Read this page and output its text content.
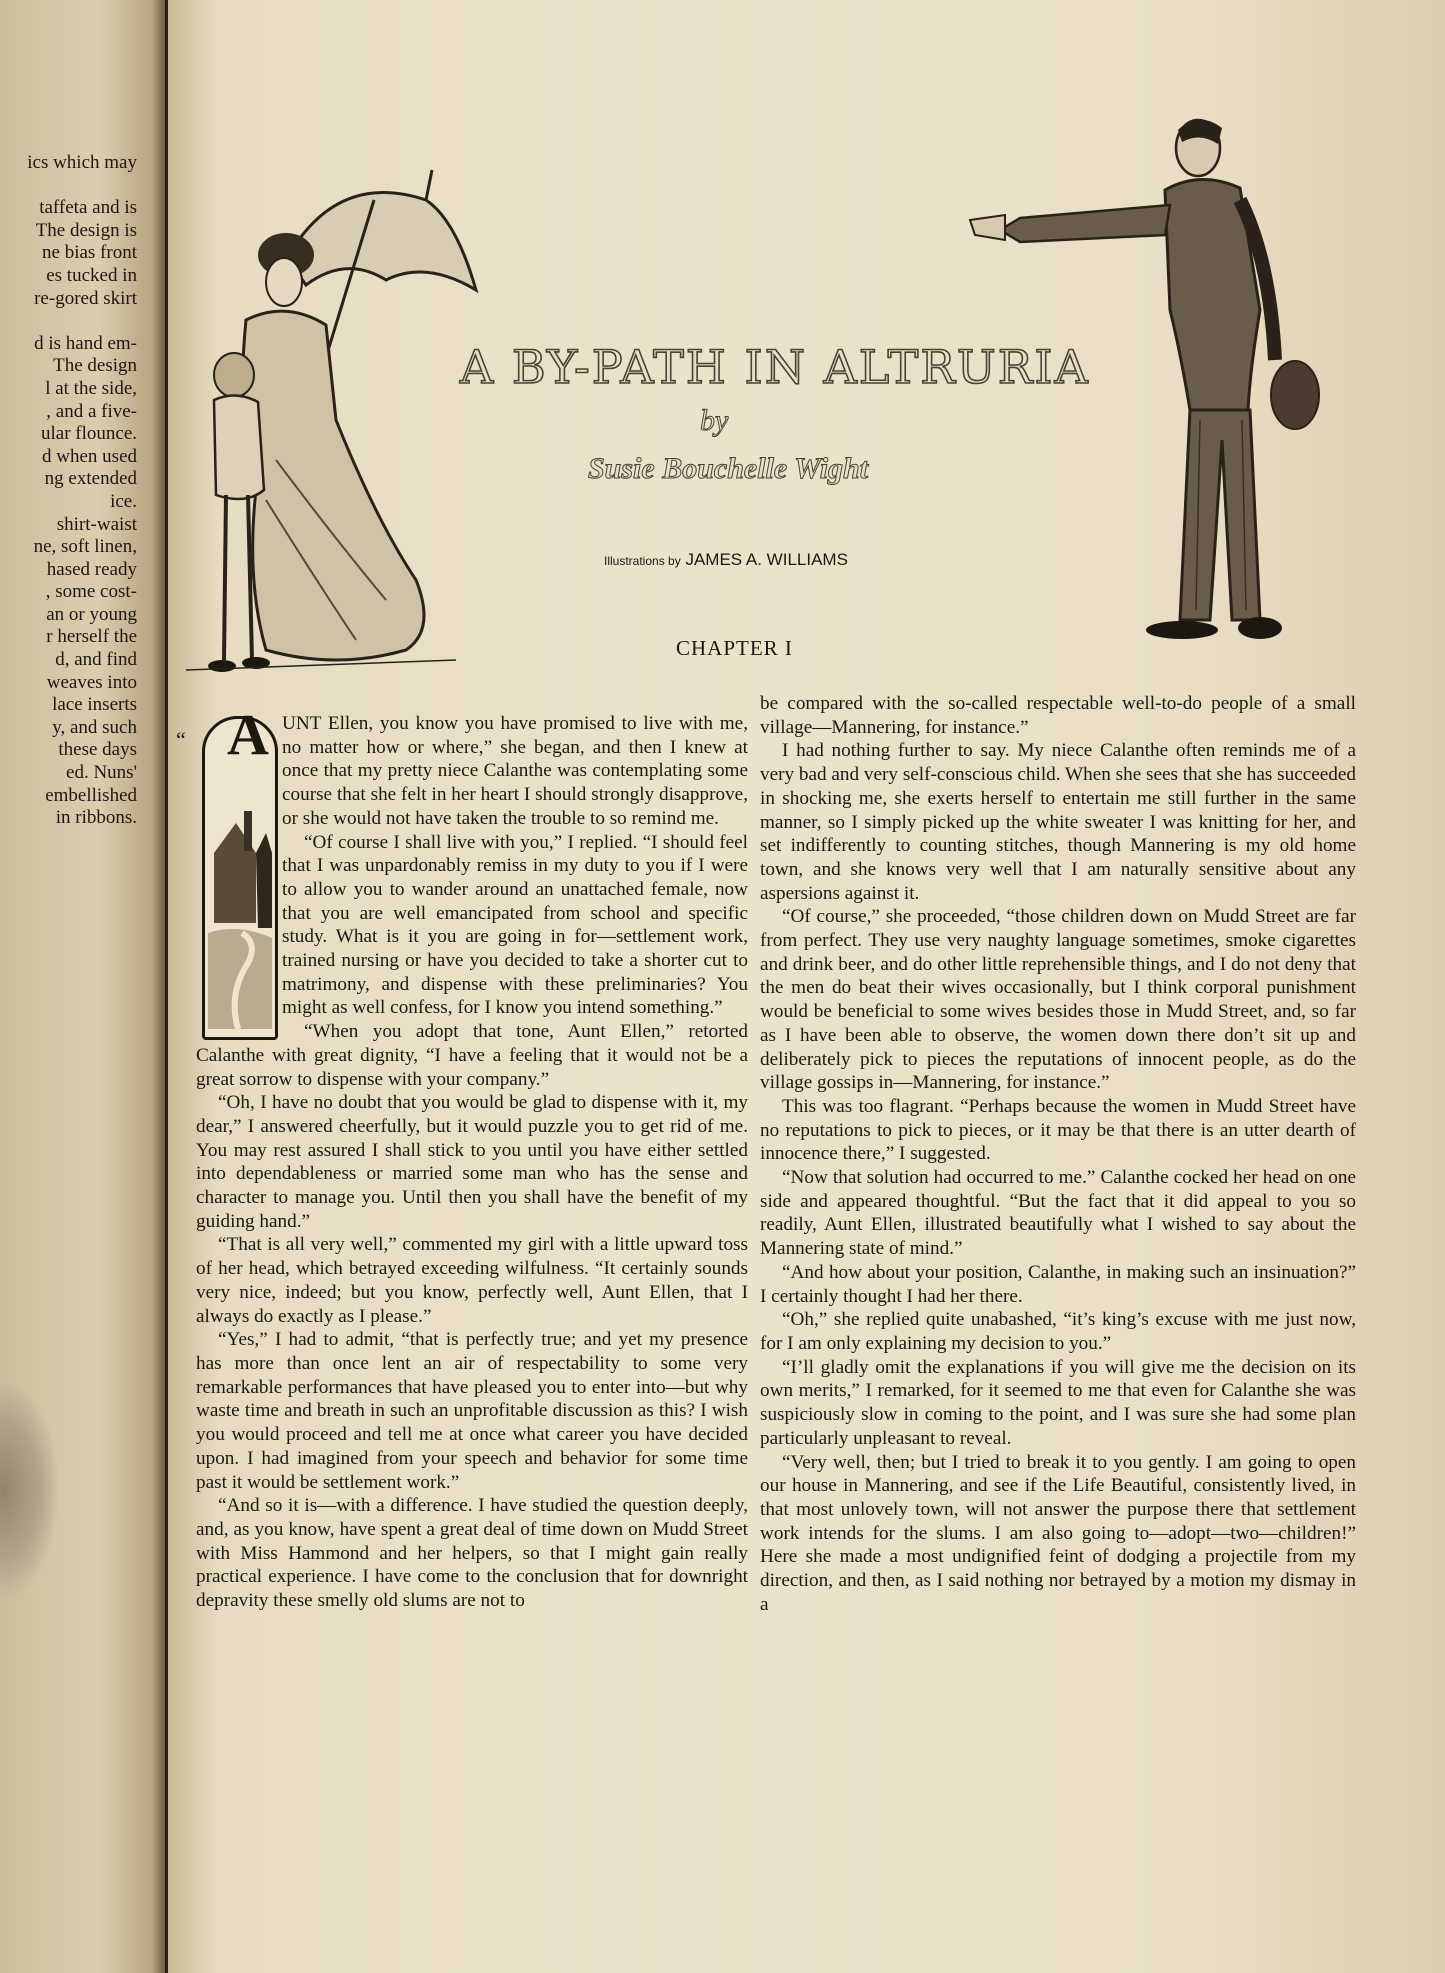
ics which may

taffeta and is
The design is
ne bias front
es tucked in
re-gored skirt

d is hand em-
The design
l at the side,
, and a five-
ular flounce.
d when used
ng extended
ice.
shirt-waist
ne, soft linen,
hased ready
, some cost-
an or young
r herself the
d, and find
weaves into
lace inserts
y, and such
these days
ed. Nuns'
embellished
in ribbons.
A BY-PATH IN ALTRURIA
by
Susie Bouchelle Wight
Illustrations by JAMES A. WILLIAMS
CHAPTER I
“ A UNT Ellen, you know you have promised to live with me, no matter how or where,” she began, and then I knew at once that my pretty niece Calanthe was contemplating some course that she felt in her heart I should strongly disapprove, or she would not have taken the trouble to so remind me.

“Of course I shall live with you,” I replied. “I should feel that I was unpardonably remiss in my duty to you if I were to allow you to wander around an unattached female, now that you are well emancipated from school and specific study. What is it you are going in for—settlement work, trained nursing or have you decided to take a shorter cut to matrimony, and dispense with these preliminaries? You might as well confess, for I know you intend something.”

“When you adopt that tone, Aunt Ellen,” retorted Calanthe with great dignity, “I have a feeling that it would not be a great sorrow to dispense with your company.”

“Oh, I have no doubt that you would be glad to dispense with it, my dear,” I answered cheerfully, but it would puzzle you to get rid of me. You may rest assured I shall stick to you until you have either settled into dependableness or married some man who has the sense and character to manage you. Until then you shall have the benefit of my guiding hand.”

“That is all very well,” commented my girl with a little upward toss of her head, which betrayed exceeding wilfulness. “It certainly sounds very nice, indeed; but you know, perfectly well, Aunt Ellen, that I always do exactly as I please.”

“Yes,” I had to admit, “that is perfectly true; and yet my presence has more than once lent an air of respectability to some very remarkable performances that have pleased you to enter into—but why waste time and breath in such an unprofitable discussion as this? I wish you would proceed and tell me at once what career you have decided upon. I had imagined from your speech and behavior for some time past it would be settlement work.”

“And so it is—with a difference. I have studied the question deeply, and, as you know, have spent a great deal of time down on Mudd Street with Miss Hammond and her helpers, so that I might gain really practical experience. I have come to the conclusion that for downright depravity these smelly old slums are not to

be compared with the so-called respectable well-to-do people of a small village—Mannering, for instance.”

I had nothing further to say. My niece Calanthe often reminds me of a very bad and very self-conscious child. When she sees that she has succeeded in shocking me, she exerts herself to entertain me still further in the same manner, so I simply picked up the white sweater I was knitting for her, and set indifferently to counting stitches, though Mannering is my old home town, and she knows very well that I am naturally sensitive about any aspersions against it.

“Of course,” she proceeded, “those children down on Mudd Street are far from perfect. They use very naughty language sometimes, smoke cigarettes and drink beer, and do other little reprehensible things, and I do not deny that the men do beat their wives occasionally, but I think corporal punishment would be beneficial to some wives besides those in Mudd Street, and, so far as I have been able to observe, the women down there don’t sit up and deliberately pick to pieces the reputations of innocent people, as do the village gossips in—Mannering, for instance.”

This was too flagrant. “Perhaps because the women in Mudd Street have no reputations to pick to pieces, or it may be that there is an utter dearth of innocence there,” I suggested.

“Now that solution had occurred to me.” Calanthe cocked her head on one side and appeared thoughtful. “But the fact that it did appeal to you so readily, Aunt Ellen, illustrated beautifully what I wished to say about the Mannering state of mind.”

“And how about your position, Calanthe, in making such an insinuation?” I certainly thought I had her there.

“Oh,” she replied quite unabashed, “it’s king’s excuse with me just now, for I am only explaining my decision to you.”

“I’ll gladly omit the explanations if you will give me the decision on its own merits,” I remarked, for it seemed to me that even for Calanthe she was suspiciously slow in coming to the point, and I was sure she had some plan particularly unpleasant to reveal.

“Very well, then; but I tried to break it to you gently. I am going to open our house in Mannering, and see if the Life Beautiful, consistently lived, in that most unlovely town, will not answer the purpose there that settlement work intends for the slums. I am also going to—adopt—two—children!” Here she made a most undignified feint of dodging a projectile from my direction, and then, as I said nothing nor betrayed by a motion my dismay in a
